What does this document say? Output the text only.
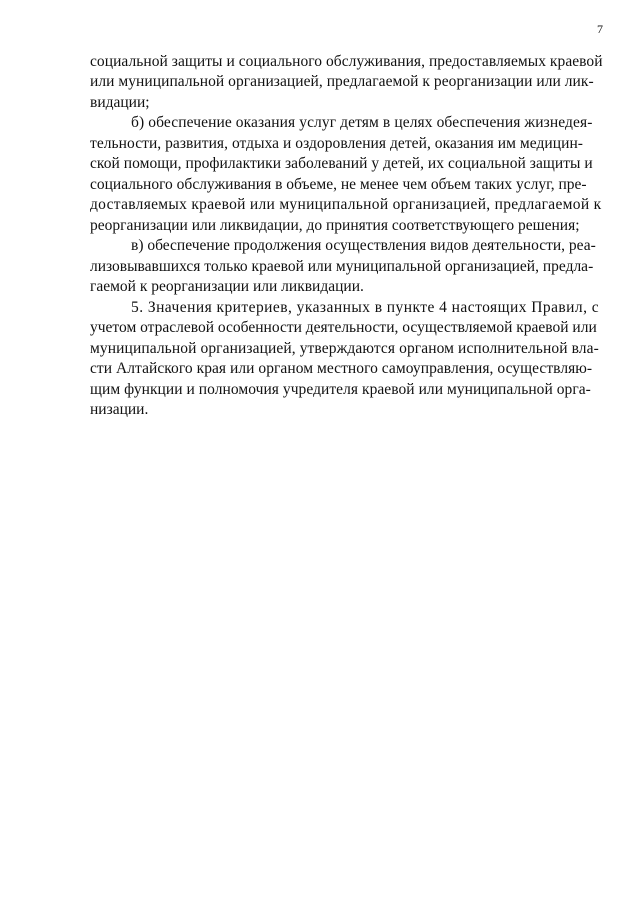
7
социальной защиты и социального обслуживания, предоставляемых краевой
или муниципальной организацией, предлагаемой к реорганизации или лик-
видации;
б) обеспечение оказания услуг детям в целях обеспечения жизнедея-
тельности, развития, отдыха и оздоровления детей, оказания им медицин-
ской помощи, профилактики заболеваний у детей, их социальной защиты и
социального обслуживания в объеме, не менее чем объем таких услуг, пре-
доставляемых краевой или муниципальной организацией, предлагаемой к
реорганизации или ликвидации, до принятия соответствующего решения;
в) обеспечение продолжения осуществления видов деятельности, реа-
лизовывавшихся только краевой или муниципальной организацией, предла-
гаемой к реорганизации или ликвидации.
5. Значения критериев, указанных в пункте 4 настоящих Правил, с
учетом отраслевой особенности деятельности, осуществляемой краевой или
муниципальной организацией, утверждаются органом исполнительной вла-
сти Алтайского края или органом местного самоуправления, осуществляю-
щим функции и полномочия учредителя краевой или муниципальной орга-
низации.
